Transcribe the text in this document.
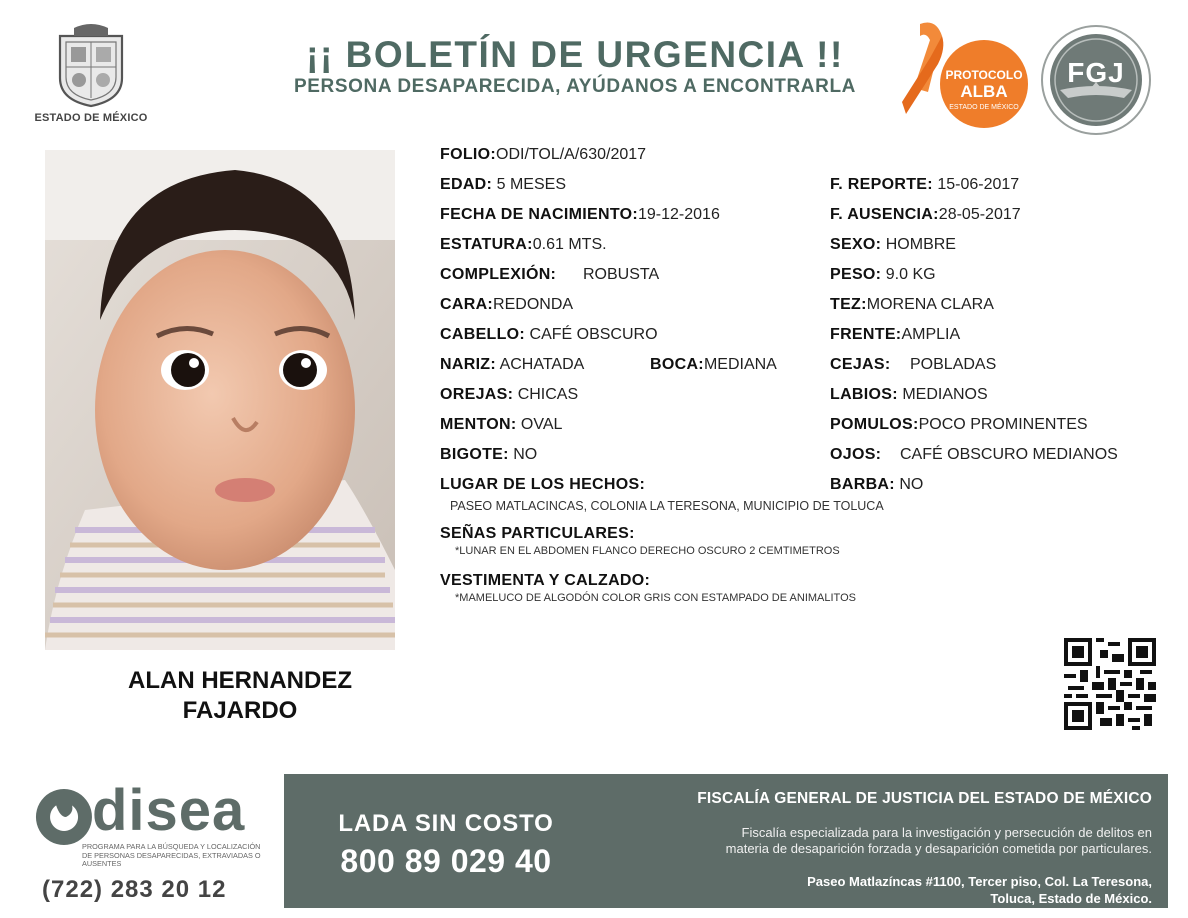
ESTADO DE MÉXICO
¡¡ BOLETÍN DE URGENCIA !!
PERSONA DESAPARECIDA, AYÚDANOS A ENCONTRARLA
PROTOCOLO
ALBA
ESTADO DE MÉXICO
FGJ
ALAN HERNANDEZ
FAJARDO
FOLIO:ODI/TOL/A/630/2017
EDAD: 5 MESES	F. REPORTE: 15-06-2017
FECHA DE NACIMIENTO:19-12-2016	F. AUSENCIA:28-05-2017
ESTATURA:0.61 MTS.	SEXO: HOMBRE
COMPLEXIÓN: ROBUSTA	PESO: 9.0 KG
CARA:REDONDA	TEZ:MORENA CLARA
CABELLO: CAFÉ OBSCURO	FRENTE:AMPLIA
NARIZ: ACHATADA	BOCA:MEDIANA	CEJAS: POBLADAS
OREJAS: CHICAS	LABIOS: MEDIANOS
MENTON: OVAL	POMULOS:POCO PROMINENTES
BIGOTE: NO	OJOS: CAFÉ OBSCURO MEDIANOS
LUGAR DE LOS HECHOS:	BARBA: NO
PASEO MATLACINCAS, COLONIA LA TERESONA, MUNICIPIO DE TOLUCA
SEÑAS PARTICULARES:
*LUNAR EN EL ABDOMEN FLANCO DERECHO OSCURO 2 CEMTIMETROS
VESTIMENTA Y CALZADO:
*MAMELUCO DE ALGODÓN COLOR GRIS CON ESTAMPADO DE ANIMALITOS
disea
PROGRAMA PARA LA BÚSQUEDA Y LOCALIZACIÓN DE PERSONAS DESAPARECIDAS, EXTRAVIADAS O AUSENTES
(722) 283 20 12
LADA SIN COSTO
800 89 029 40
FISCALÍA GENERAL DE JUSTICIA DEL ESTADO DE MÉXICO
Fiscalía especializada para la investigación y persecución de delitos en
materia de desaparición forzada y desaparición cometida por particulares.
Paseo Matlazíncas #1100, Tercer piso, Col. La Teresona,
Toluca, Estado de México.
